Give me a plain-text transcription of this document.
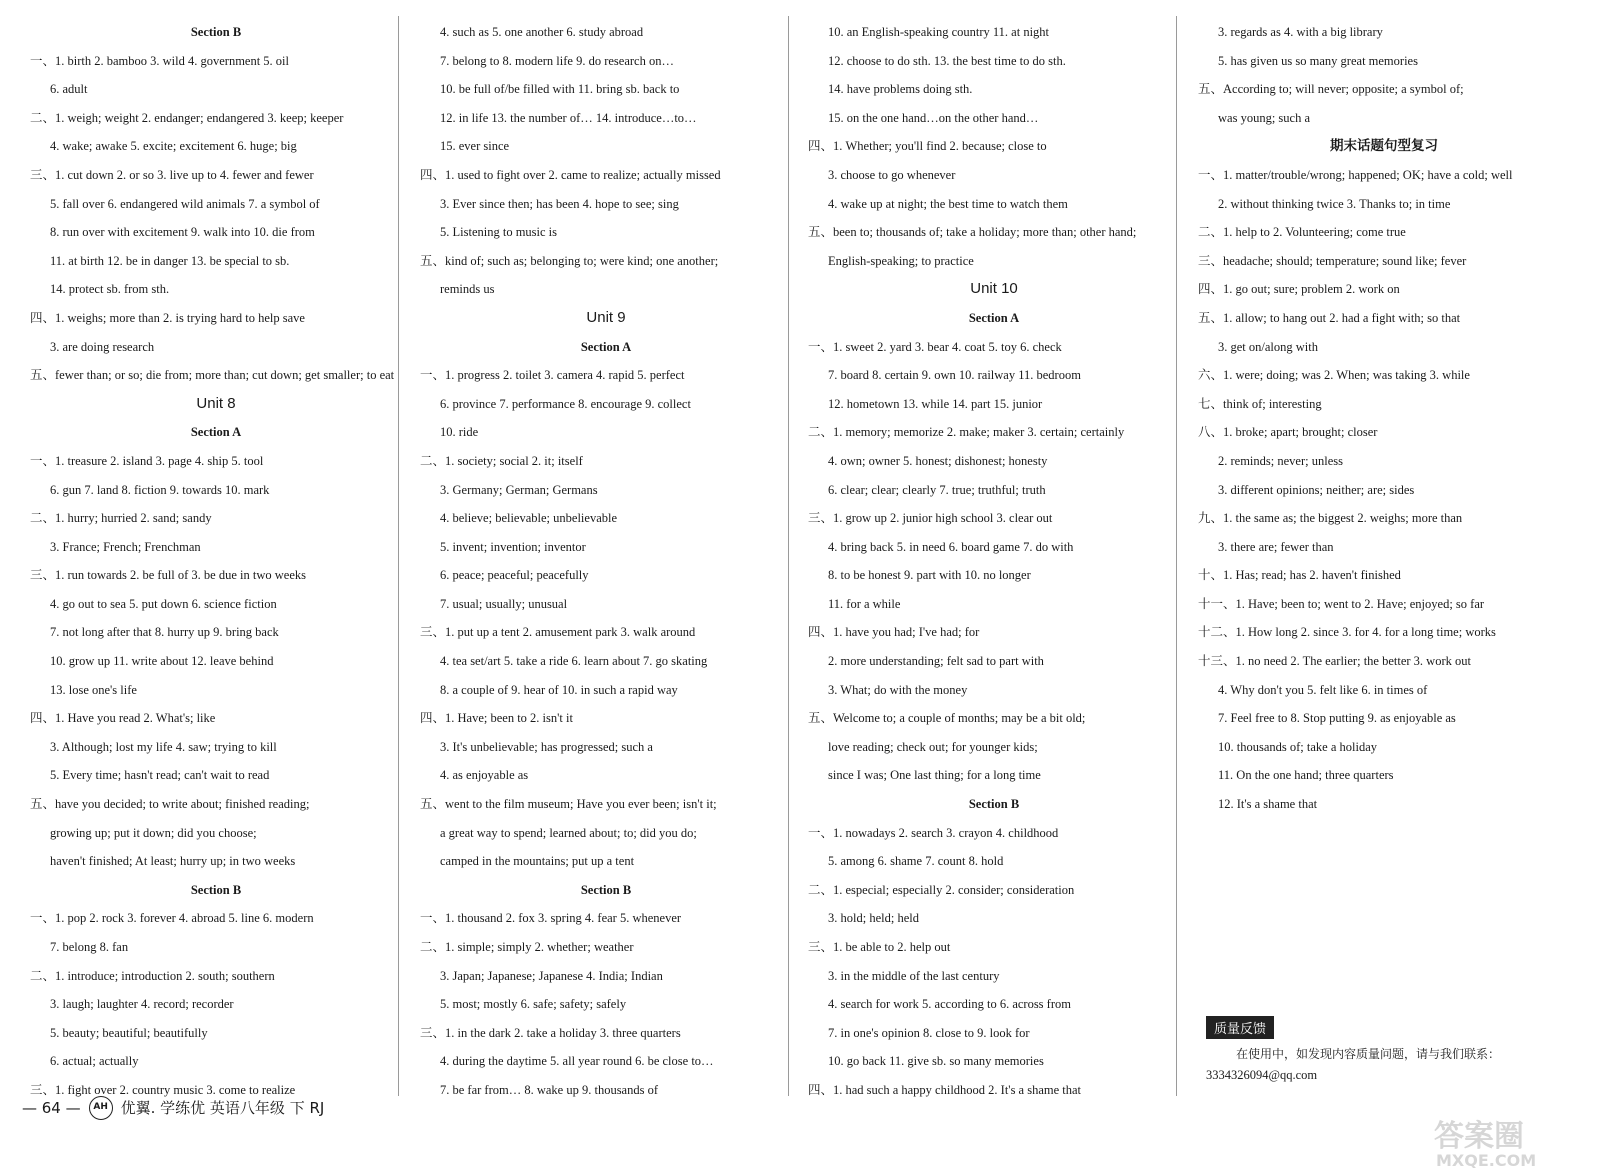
Section B
一、1. birth 2. bamboo 3. wild 4. government 5. oil
6. adult
二、1. weigh; weight 2. endanger; endangered 3. keep; keeper
4. wake; awake 5. excite; excitement 6. huge; big
三、1. cut down 2. or so 3. live up to 4. fewer and fewer
5. fall over 6. endangered wild animals 7. a symbol of
8. run over with excitement 9. walk into 10. die from
11. at birth 12. be in danger 13. be special to sb.
14. protect sb. from sth.
四、1. weighs; more than 2. is trying hard to help save
3. are doing research
五、fewer than; or so; die from; more than; cut down; get smaller; to eat
Unit 8
Section A
一、1. treasure 2. island 3. page 4. ship 5. tool
6. gun 7. land 8. fiction 9. towards 10. mark
二、1. hurry; hurried 2. sand; sandy
3. France; French; Frenchman
三、1. run towards 2. be full of 3. be due in two weeks
4. go out to sea 5. put down 6. science fiction
7. not long after that 8. hurry up 9. bring back
10. grow up 11. write about 12. leave behind
13. lose one's life
四、1. Have you read 2. What's; like
3. Although; lost my life 4. saw; trying to kill
5. Every time; hasn't read; can't wait to read
五、have you decided; to write about; finished reading;
growing up; put it down; did you choose;
haven't finished; At least; hurry up; in two weeks
Section B
一、1. pop 2. rock 3. forever 4. abroad 5. line 6. modern
7. belong 8. fan
二、1. introduce; introduction 2. south; southern
3. laugh; laughter 4. record; recorder
5. beauty; beautiful; beautifully
6. actual; actually
三、1. fight over 2. country music 3. come to realize
4. such as 5. one another 6. study abroad
7. belong to 8. modern life 9. do research on…
10. be full of/be filled with 11. bring sb. back to
12. in life 13. the number of… 14. introduce…to…
15. ever since
四、1. used to fight over 2. came to realize; actually missed
3. Ever since then; has been 4. hope to see; sing
5. Listening to music is
五、kind of; such as; belonging to; were kind; one another;
reminds us
Unit 9
Section A
一、1. progress 2. toilet 3. camera 4. rapid 5. perfect
6. province 7. performance 8. encourage 9. collect
10. ride
二、1. society; social 2. it; itself
3. Germany; German; Germans
4. believe; believable; unbelievable
5. invent; invention; inventor
6. peace; peaceful; peacefully
7. usual; usually; unusual
三、1. put up a tent 2. amusement park 3. walk around
4. tea set/art 5. take a ride 6. learn about 7. go skating
8. a couple of 9. hear of 10. in such a rapid way
四、1. Have; been to 2. isn't it
3. It's unbelievable; has progressed; such a
4. as enjoyable as
五、went to the film museum; Have you ever been; isn't it;
a great way to spend; learned about; to; did you do;
camped in the mountains; put up a tent
Section B
一、1. thousand 2. fox 3. spring 4. fear 5. whenever
二、1. simple; simply 2. whether; weather
3. Japan; Japanese; Japanese 4. India; Indian
5. most; mostly 6. safe; safety; safely
三、1. in the dark 2. take a holiday 3. three quarters
4. during the daytime 5. all year round 6. be close to…
7. be far from… 8. wake up 9. thousands of
10. an English-speaking country 11. at night
12. choose to do sth. 13. the best time to do sth.
14. have problems doing sth.
15. on the one hand…on the other hand…
四、1. Whether; you'll find 2. because; close to
3. choose to go whenever
4. wake up at night; the best time to watch them
五、been to; thousands of; take a holiday; more than; other hand;
English-speaking; to practice
Unit 10
Section A
一、1. sweet 2. yard 3. bear 4. coat 5. toy 6. check
7. board 8. certain 9. own 10. railway 11. bedroom
12. hometown 13. while 14. part 15. junior
二、1. memory; memorize 2. make; maker 3. certain; certainly
4. own; owner 5. honest; dishonest; honesty
6. clear; clear; clearly 7. true; truthful; truth
三、1. grow up 2. junior high school 3. clear out
4. bring back 5. in need 6. board game 7. do with
8. to be honest 9. part with 10. no longer
11. for a while
四、1. have you had; I've had; for
2. more understanding; felt sad to part with
3. What; do with the money
五、Welcome to; a couple of months; may be a bit old;
love reading; check out; for younger kids;
since I was; One last thing; for a long time
Section B
一、1. nowadays 2. search 3. crayon 4. childhood
5. among 6. shame 7. count 8. hold
二、1. especial; especially 2. consider; consideration
3. hold; held; held
三、1. be able to 2. help out
3. in the middle of the last century
4. search for work 5. according to 6. across from
7. in one's opinion 8. close to 9. look for
10. go back 11. give sb. so many memories
四、1. had such a happy childhood 2. It's a shame that
3. regards as 4. with a big library
5. has given us so many great memories
五、According to; will never; opposite; a symbol of;
was young; such a
期末话题句型复习
一、1. matter/trouble/wrong; happened; OK; have a cold; well
2. without thinking twice 3. Thanks to; in time
二、1. help to 2. Volunteering; come true
三、headache; should; temperature; sound like; fever
四、1. go out; sure; problem 2. work on
五、1. allow; to hang out 2. had a fight with; so that
3. get on/along with
六、1. were; doing; was 2. When; was taking 3. while
七、think of; interesting
八、1. broke; apart; brought; closer
2. reminds; never; unless
3. different opinions; neither; are; sides
九、1. the same as; the biggest 2. weighs; more than
3. there are; fewer than
十、1. Has; read; has 2. haven't finished
十一、1. Have; been to; went to 2. Have; enjoyed; so far
十二、1. How long 2. since 3. for 4. for a long time; works
十三、1. no need 2. The earlier; the better 3. work out
4. Why don't you 5. felt like 6. in times of
7. Feel free to 8. Stop putting 9. as enjoyable as
10. thousands of; take a holiday
11. On the one hand; three quarters
12. It's a shame that
质量反馈
在使用中，如发现内容质量问题，请与我们联系：
3334326094@qq.com
— 64 —	AH 优翼. 学练优 英语八年级 下 RJ
答案圈
MXQE.COM
